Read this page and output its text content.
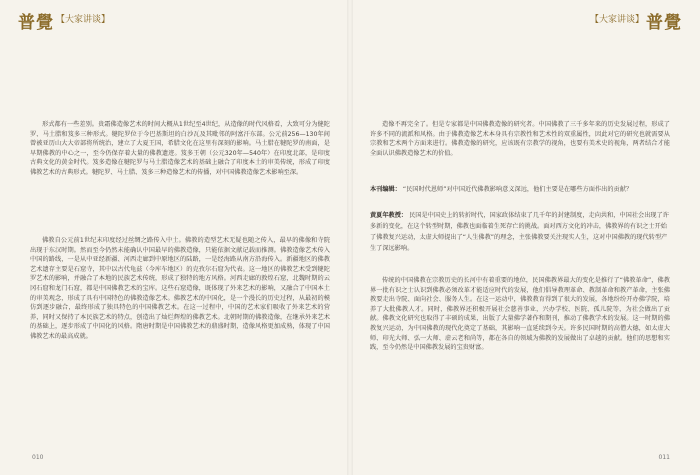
普覺 【大家讲谈】
形式都有一些差别。贵霜佛造像艺术的时间大概从1世纪至4世纪，从造像的时代风格看，大致可分为健陀罗、马土腊和笈多三种形式。犍陀罗位于今巴基斯坦的白沙瓦及其毗邻的阿富汗东部。公元前256—130年间曾被亚历山大大帝部将所统治，建立了大夏王国，希腊文化在这里有深刻的影响。马土腊在犍陀罗的南面，是早期佛教的中心之一，至今仍保存着大量的佛教遗迹。笈多王朝（公元320年—540年）在印度北部，是印度古典文化的黄金时代。笈多造像在犍陀罗与马土腊造像艺术的基础上融合了印度本土的审美传统，形成了印度佛教艺术的古典形式。犍陀罗、马土腊、笈多三种造像艺术的传播，对中国佛教造像艺术影响至深。
佛教自公元前1世纪末印度经过丝绸之路传入中土。佛教的造型艺术无疑也随之传入，最早的佛像和寺院出现于东汉时期。然而至今仍然未能确认中国最早的佛教造像，只能依据文献记载而推测。佛教造像艺术传入中国的路线，一是从中亚经新疆、河西走廊到中原地区的陆路，一是经海路从南方沿海传入。新疆地区的佛教艺术遗存主要是石窟寺，其中以古代龟兹（今库车地区）的克孜尔石窟为代表。这一地区的佛教艺术受到犍陀罗艺术的影响，并融合了本地的民族艺术传统，形成了独特的地方风格。河西走廊的敦煌石窟，北魏时期的云冈石窟和龙门石窟，都是中国佛教艺术的宝库。这些石窟造像，既体现了外来艺术的影响，又融合了中国本土的审美观念，形成了具有中国特色的佛教造像艺术。佛教艺术的中国化，是一个漫长的历史过程，从最初的模仿到逐步融合，最终形成了独具特色的中国佛教艺术。在这一过程中，中国的艺术家们吸收了外来艺术的营养，同时又保持了本民族艺术的特点，创造出了灿烂辉煌的佛教艺术。北朝时期的佛教造像，在继承外来艺术的基础上，逐步形成了中国化的风格。隋唐时期是中国佛教艺术的鼎盛时期，造像风格更加成熟，体现了中国佛教艺术的最高成就。
010
普覺
【大家讲谈】
造像不再完全了。但是专家都是中国佛教造像的研究者。中国佛教了三千多年来的历史发展过程，形成了许多不同的流派和风格。由于佛教造像艺术本身具有宗教性和艺术性的双重属性，因此对它的研究也就需要从宗教和艺术两个方面来进行。佛教造像的研究，应该既有宗教学的视角，也要有美术史的视角，两者结合才能全面认识佛教造像艺术的价值。
本刊编辑： “民国时代恩师”对中国近代佛教影响意义深远，他们主要是在哪些方面作出的贡献？
黄夏年教授： 民国是中国史上的转折时代，国家政体结束了几千年的封建制度，走向共和，中国社会出现了许多新的变化，在这个转型时期，佛教也面临着生死存亡的挑战。面对西方文化的冲击，佛教界的有识之士开始了佛教复兴运动，太虚大师提出了“人生佛教”的理念，主张佛教要关注现实人生，这对中国佛教的现代转型产生了深远影响。
传统的中国佛教在宗教历史的长河中有着重要的地位，民国佛教界最大的变化是推行了“佛教革命”，佛教界一批有识之士认识到佛教必须改革才能适应时代的发展，他们倡导教理革命、教制革命和教产革命，主张佛教要走出寺院、面向社会、服务人生。在这一运动中，佛教教育得到了很大的发展，各地纷纷开办佛学院，培养了大批佛教人才。同时，佛教界还积极开展社会慈善事业，兴办学校、医院、孤儿院等，为社会做出了贡献。佛教文化研究也取得了丰硕的成果，出版了大量佛学著作和期刊，推动了佛教学术的发展。这一时期的佛教复兴运动，为中国佛教的现代化奠定了基础，其影响一直延续到今天。许多民国时期的高僧大德，如太虚大师、印光大师、弘一大师、虚云老和尚等，都在各自的领域为佛教的发展做出了卓越的贡献。他们的思想和实践，至今仍然是中国佛教发展的宝贵财富。
011
